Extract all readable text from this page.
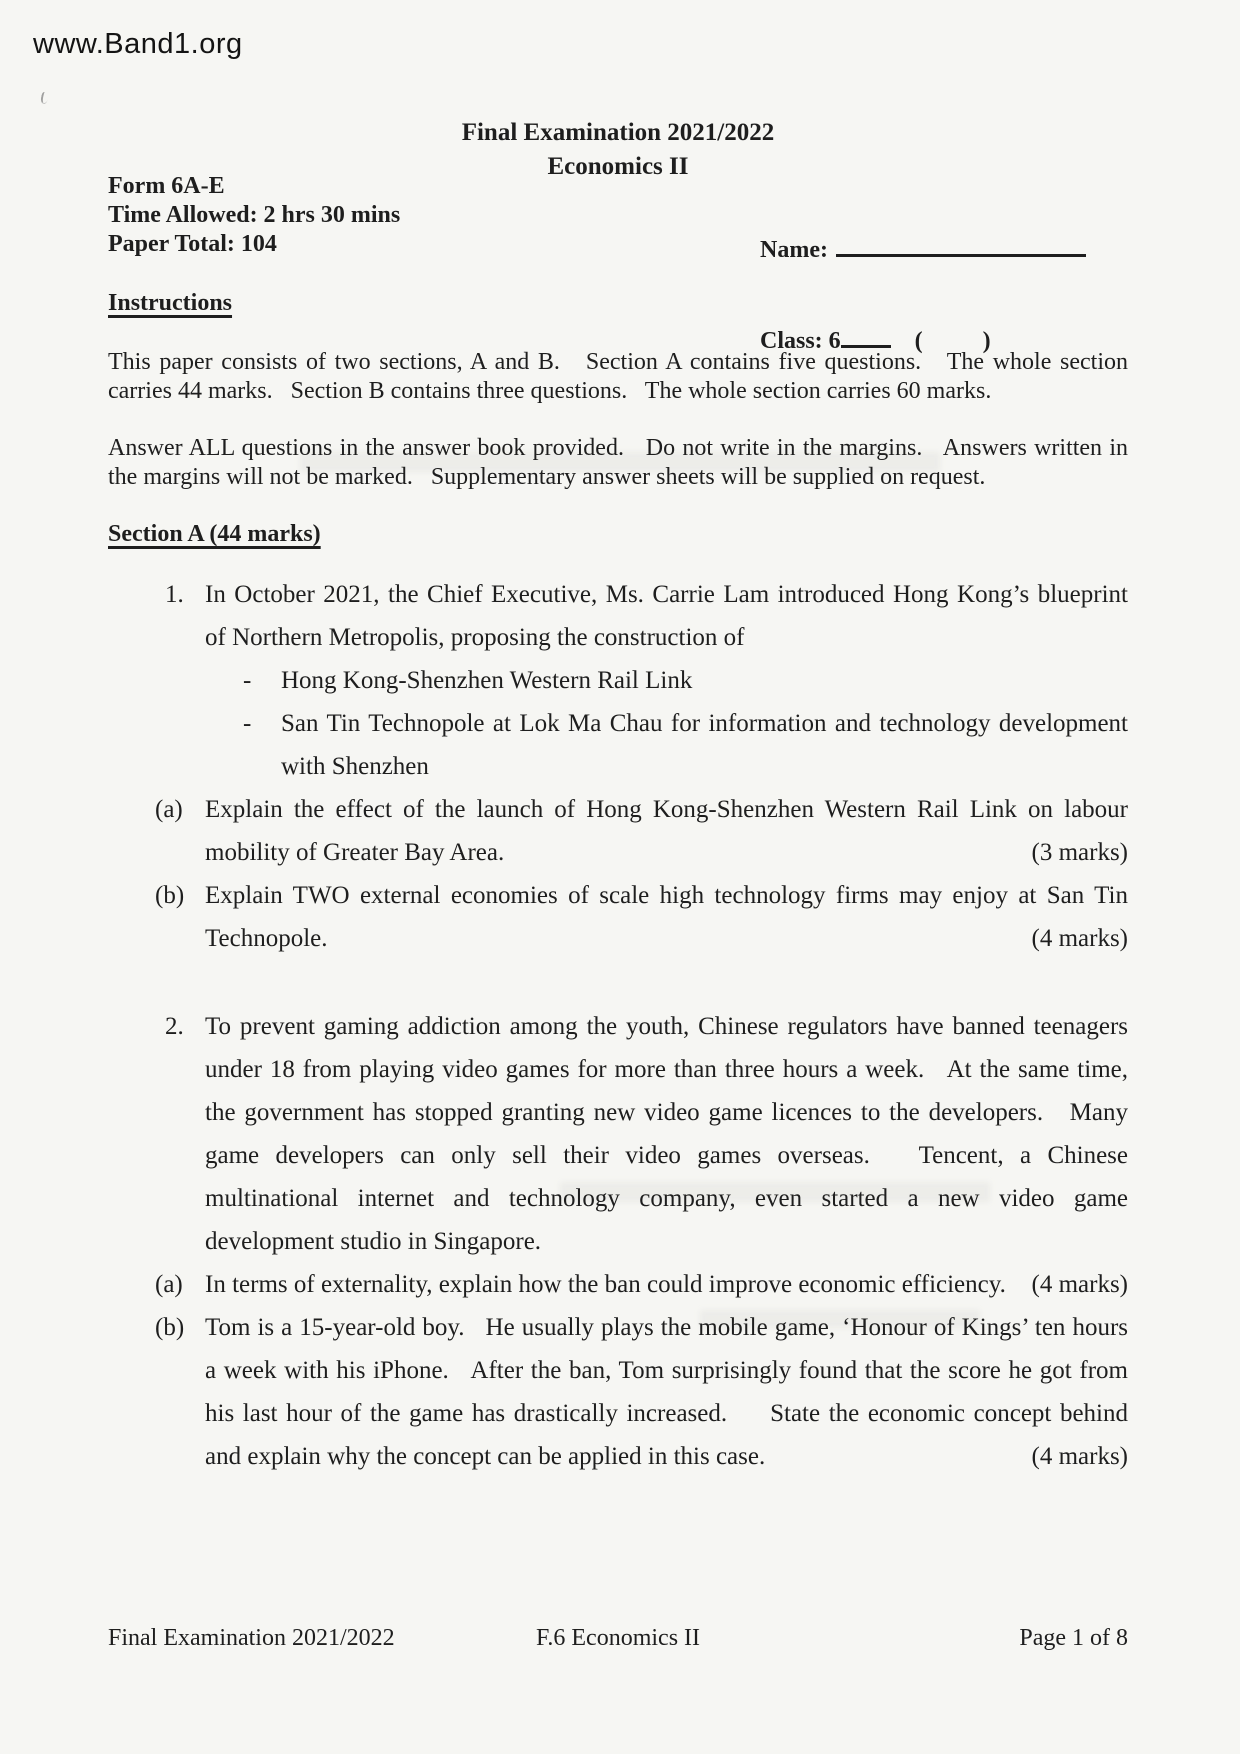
www.Band1.org
Final Examination 2021/2022
Economics II
Form 6A-E
Time Allowed: 2 hrs 30 mins
Paper Total: 104

	Name:

Class: 6    (          )

Instructions

This paper consists of two sections, A and B.   Section A contains five questions.   The whole section carries 44 marks.   Section B contains three questions.   The whole section carries 60 marks.

Answer ALL questions in the answer book provided.   Do not write in the margins.   Answers written in the margins will not be marked.   Supplementary answer sheets will be supplied on request.

Section A (44 marks)
1. In October 2021, the Chief Executive, Ms. Carrie Lam introduced Hong Kong’s blueprint of Northern Metropolis, proposing the construction of
-	Hong Kong-Shenzhen Western Rail Link
-	San Tin Technopole at Lok Ma Chau for information and technology development with Shenzhen
(a) Explain the effect of the launch of Hong Kong-Shenzhen Western Rail Link on labour mobility of Greater Bay Area.	(3 marks)
(b) Explain TWO external economies of scale high technology firms may enjoy at San Tin Technopole.	(4 marks)
2. To prevent gaming addiction among the youth, Chinese regulators have banned teenagers under 18 from playing video games for more than three hours a week.   At the same time, the government has stopped granting new video game licences to the developers.   Many game developers can only sell their video games overseas.   Tencent, a Chinese multinational internet and technology company, even started a new video game development studio in Singapore.
(a) In terms of externality, explain how the ban could improve economic efficiency.	(4 marks)
(b) Tom is a 15-year-old boy.   He usually plays the mobile game, ‘Honour of Kings’ ten hours a week with his iPhone.   After the ban, Tom surprisingly found that the score he got from his last hour of the game has drastically increased.     State the economic concept behind and explain why the concept can be applied in this case.	(4 marks)
Final Examination 2021/2022	F.6 Economics II	Page 1 of 8
